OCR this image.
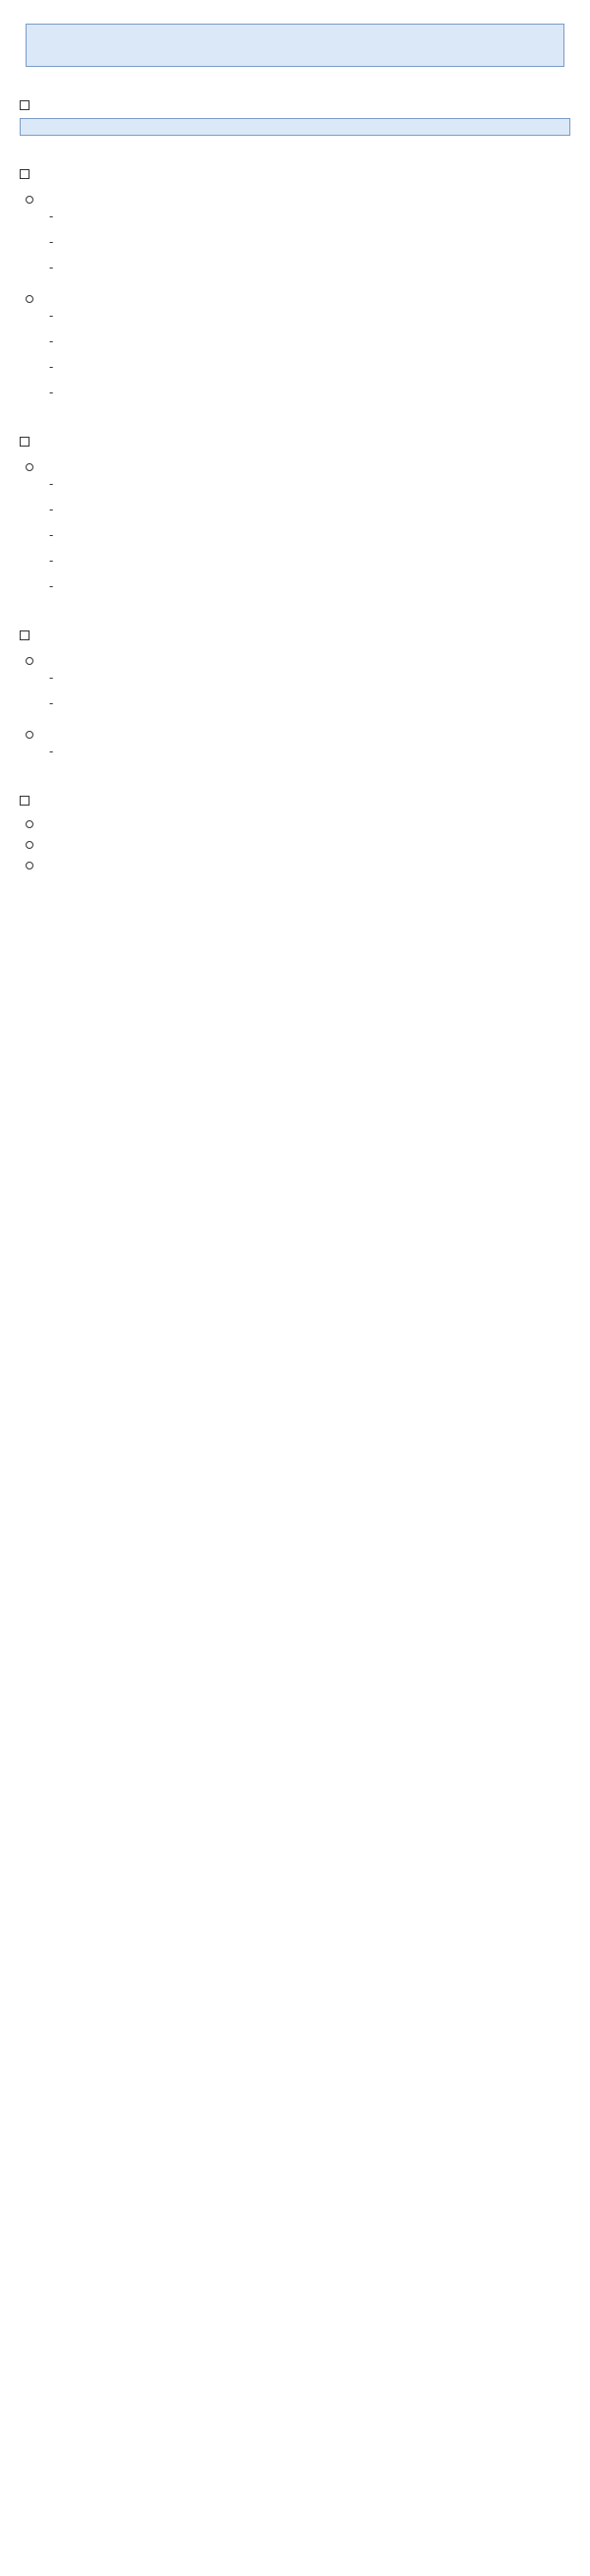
-
-
-
-
-
-
-
-
-
-
-
-
-
-
-
